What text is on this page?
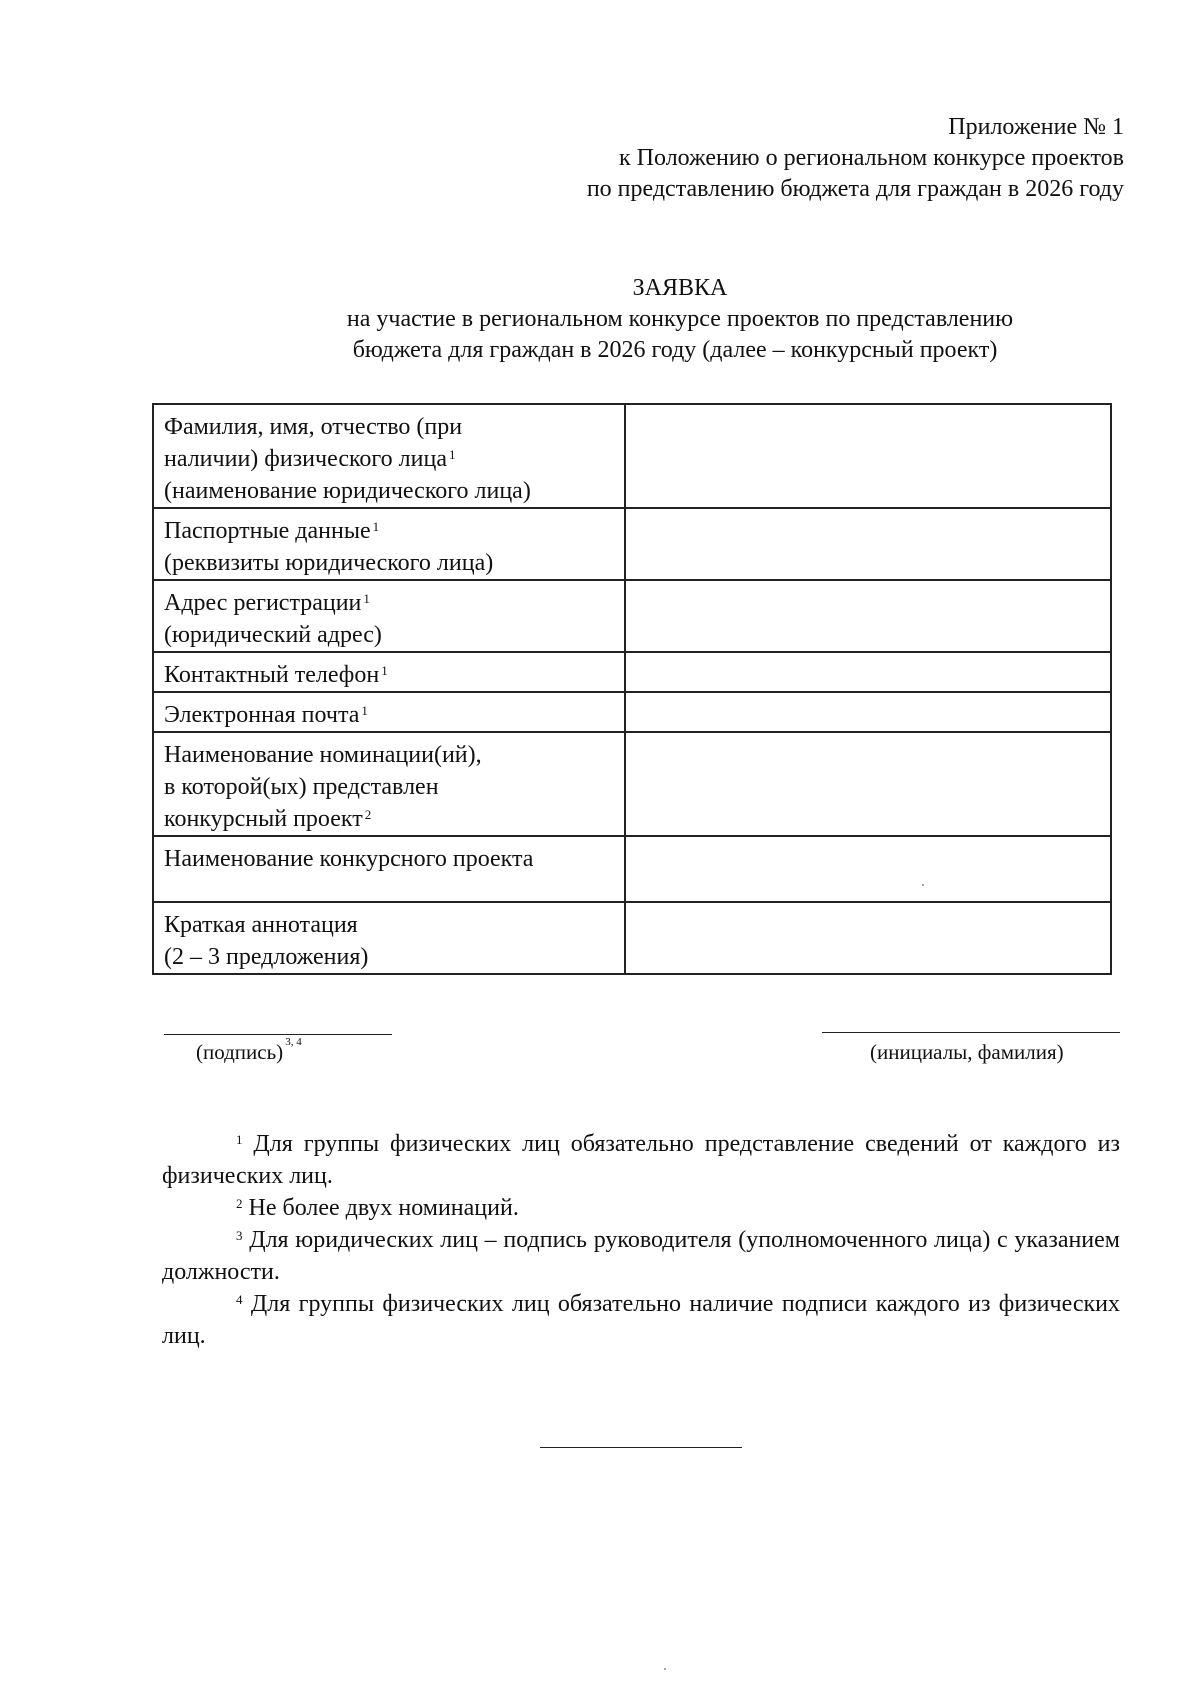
Приложение № 1
к Положению о региональном конкурсе проектов
по представлению бюджета для граждан в 2026 году
ЗАЯВКА
на участие в региональном конкурсе проектов по представлению
бюджета для граждан в 2026 году (далее – конкурсный проект)
Фамилия, имя, отчество (при
наличии) физического лица $^1$
(наименование юридического лица)	

Паспортные данные $^1$
(реквизиты юридического лица)	

Адрес регистрации $^1$
(юридический адрес)	

Контактный телефон $^1$

Электронная почта $^1$

Наименование номинации(ий),
в которой(ых) представлен
конкурсный проект $^2$

Наименование конкурсного проекта	

Краткая аннотация
(2 – 3 предложения)	

(подпись) $^{3, 4}$	(инициалы, фамилия)
$^1$ Для группы физических лиц обязательно представление сведений от каждого из физических лиц.
$^2$ Не более двух номинаций.
$^3$ Для юридических лиц – подпись руководителя (уполномоченного лица) с указанием должности.
$^4$ Для группы физических лиц обязательно наличие подписи каждого из физических лиц.
